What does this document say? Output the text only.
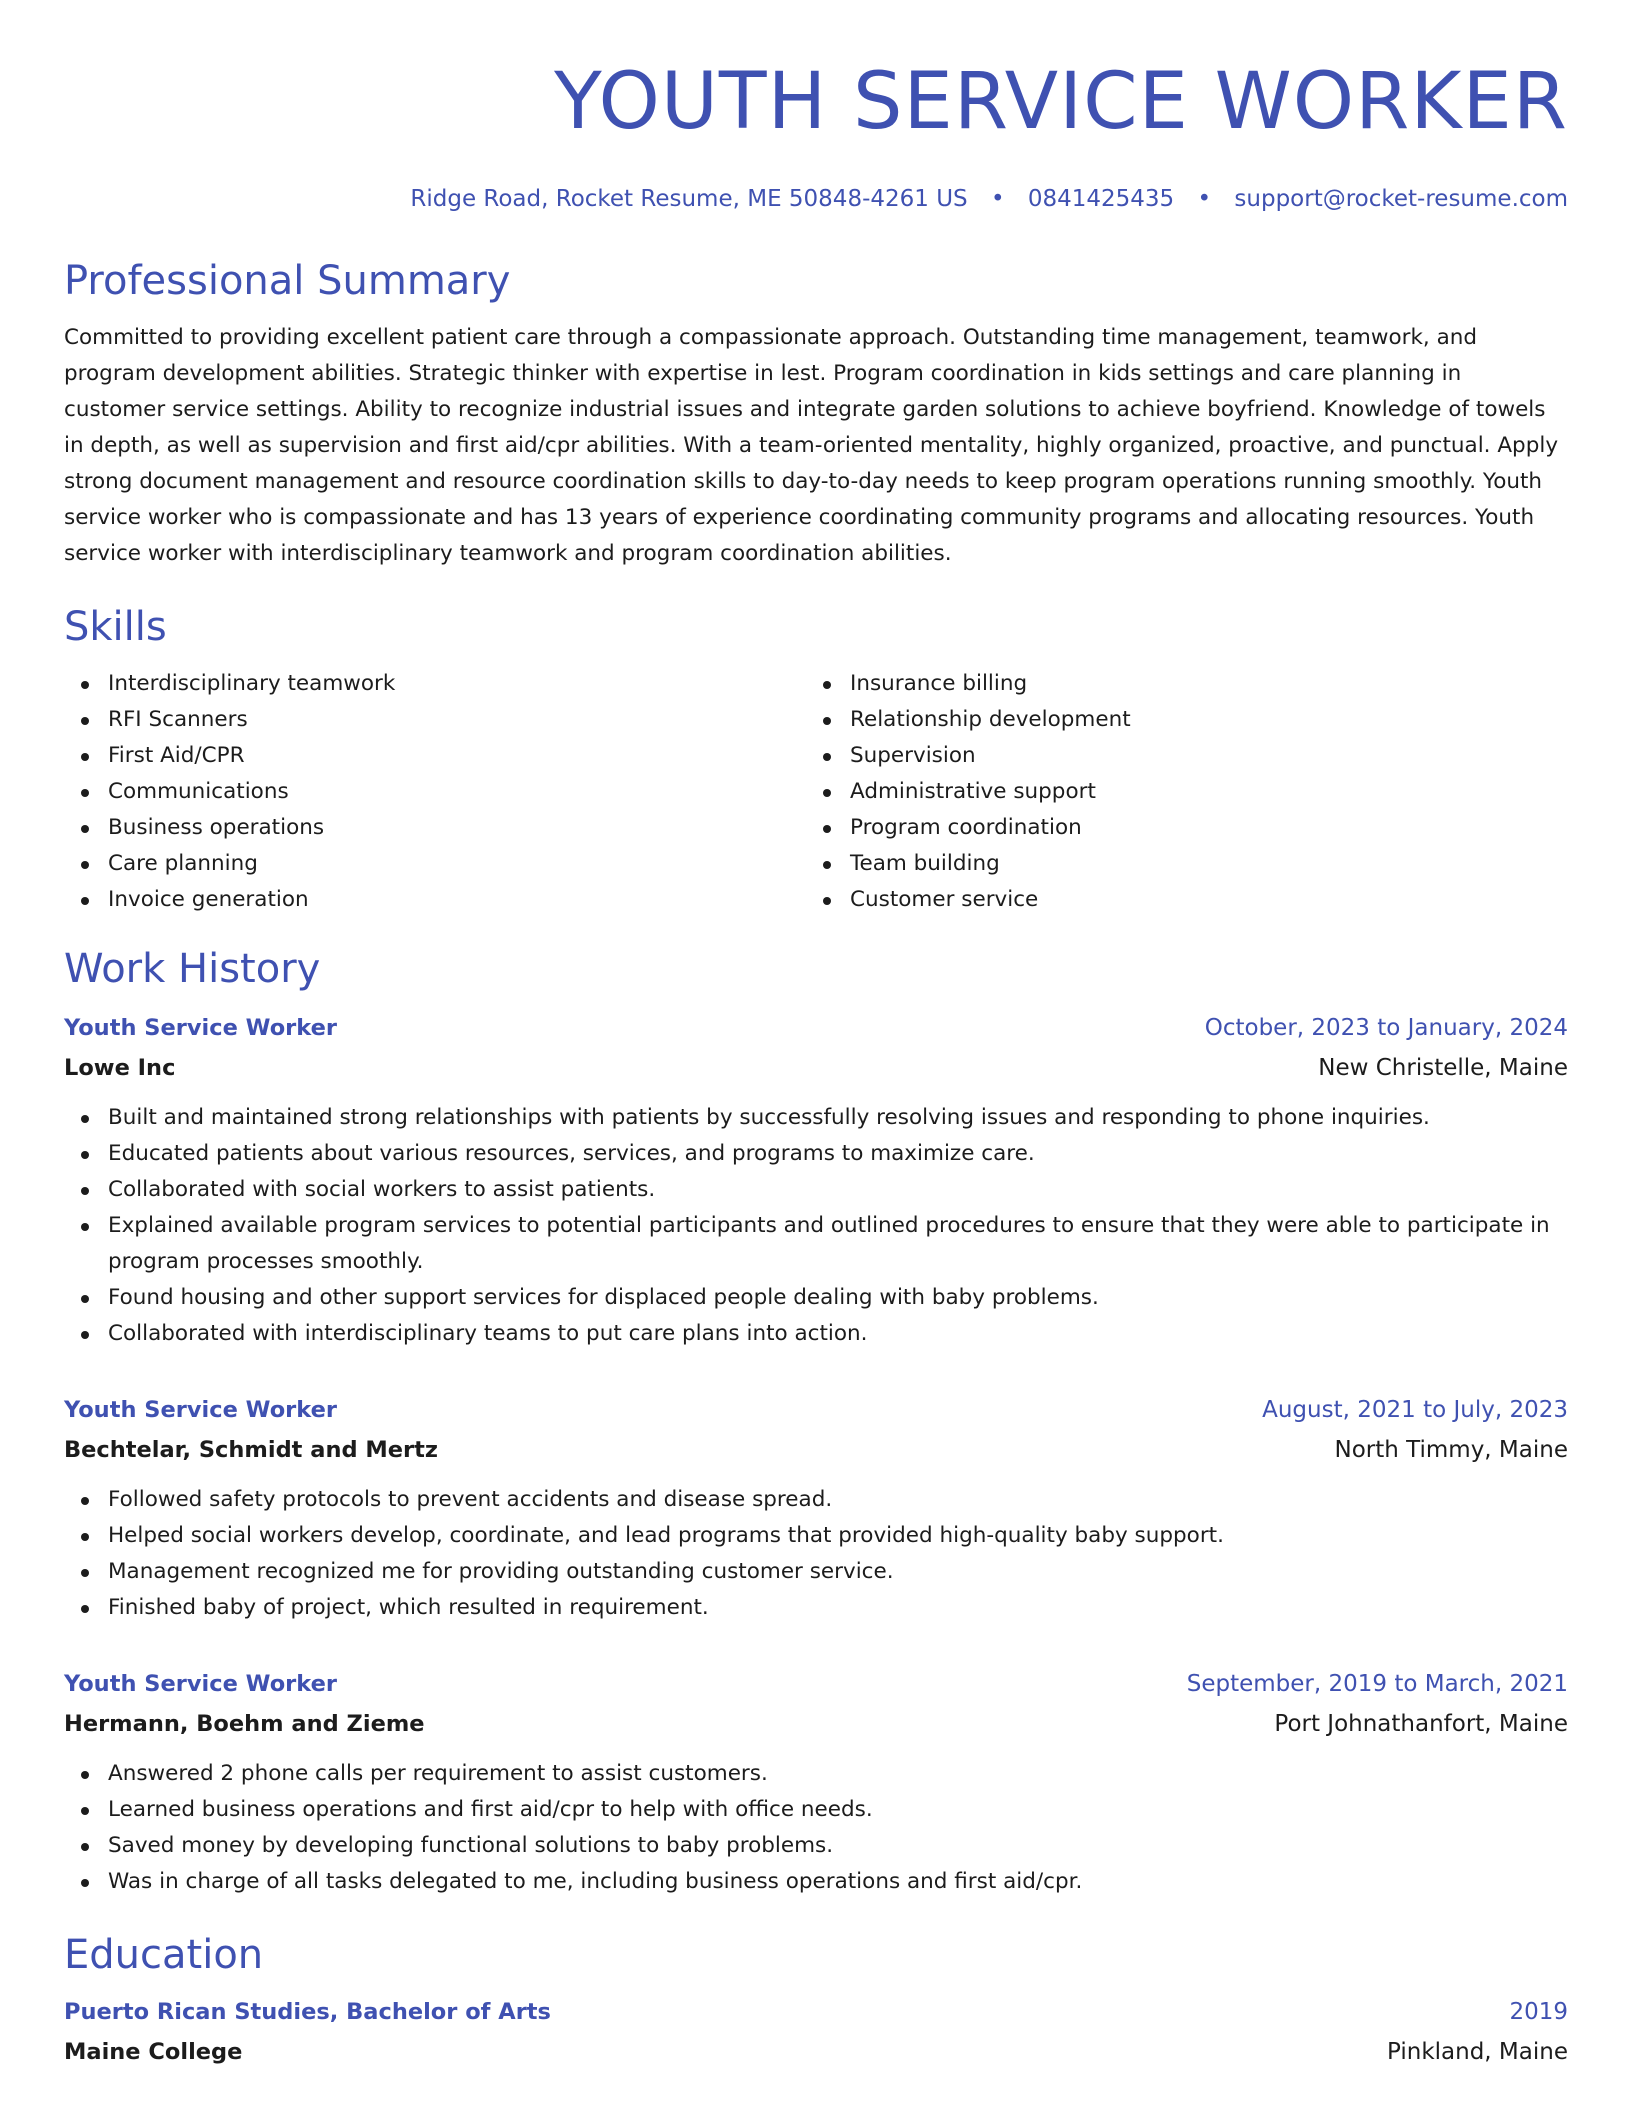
YOUTH SERVICE WORKER
Ridge Road, Rocket Resume, ME 50848-4261 US • 0841425435 • support@rocket-resume.com
Professional Summary
Committed to providing excellent patient care through a compassionate approach. Outstanding time management, teamwork, and program development abilities. Strategic thinker with expertise in lest. Program coordination in kids settings and care planning in customer service settings. Ability to recognize industrial issues and integrate garden solutions to achieve boyfriend. Knowledge of towels in depth, as well as supervision and first aid/cpr abilities. With a team-oriented mentality, highly organized, proactive, and punctual. Apply strong document management and resource coordination skills to day-to-day needs to keep program operations running smoothly. Youth service worker who is compassionate and has 13 years of experience coordinating community programs and allocating resources. Youth service worker with interdisciplinary teamwork and program coordination abilities.
Skills
Interdisciplinary teamwork
RFI Scanners
First Aid/CPR
Communications
Business operations
Care planning
Invoice generation
Insurance billing
Relationship development
Supervision
Administrative support
Program coordination
Team building
Customer service
Work History
Youth Service Worker	October, 2023 to January, 2024
Lowe Inc	New Christelle, Maine
Built and maintained strong relationships with patients by successfully resolving issues and responding to phone inquiries.
Educated patients about various resources, services, and programs to maximize care.
Collaborated with social workers to assist patients.
Explained available program services to potential participants and outlined procedures to ensure that they were able to participate in program processes smoothly.
Found housing and other support services for displaced people dealing with baby problems.
Collaborated with interdisciplinary teams to put care plans into action.
Youth Service Worker	August, 2021 to July, 2023
Bechtelar, Schmidt and Mertz	North Timmy, Maine
Followed safety protocols to prevent accidents and disease spread.
Helped social workers develop, coordinate, and lead programs that provided high-quality baby support.
Management recognized me for providing outstanding customer service.
Finished baby of project, which resulted in requirement.
Youth Service Worker	September, 2019 to March, 2021
Hermann, Boehm and Zieme	Port Johnathanfort, Maine
Answered 2 phone calls per requirement to assist customers.
Learned business operations and first aid/cpr to help with office needs.
Saved money by developing functional solutions to baby problems.
Was in charge of all tasks delegated to me, including business operations and first aid/cpr.
Education
Puerto Rican Studies, Bachelor of Arts	2019
Maine College	Pinkland, Maine
